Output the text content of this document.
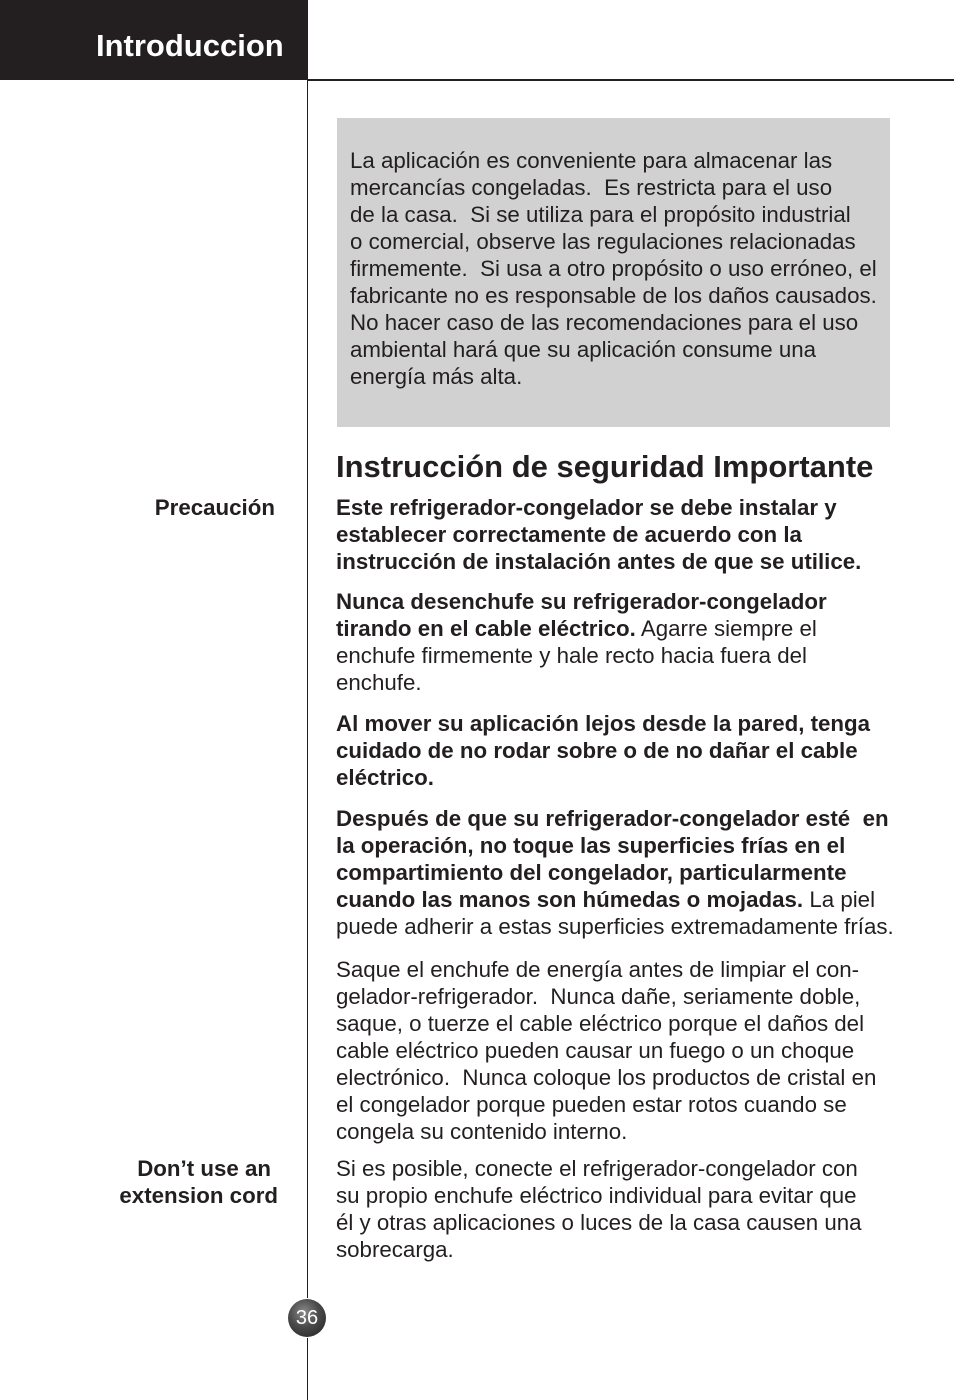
Introduccion
La aplicación es conveniente para almacenar las
mercancías congeladas.  Es restricta para el uso
de la casa.  Si se utiliza para el propósito industrial
o comercial, observe las regulaciones relacionadas
firmemente.  Si usa a otro propósito o uso erróneo, el
fabricante no es responsable de los daños causados.
No hacer caso de las recomendaciones para el uso
ambiental hará que su aplicación consume una
energía más alta.
Instrucción de seguridad Importante
Precaución	Este refrigerador-congelador se debe instalar y
establecer correctamente de acuerdo con la
instrucción de instalación antes de que se utilice.
Nunca desenchufe su refrigerador-congelador
tirando en el cable eléctrico. Agarre siempre el
enchufe firmemente y hale recto hacia fuera del
enchufe.
Al mover su aplicación lejos desde la pared, tenga
cuidado de no rodar sobre o de no dañar el cable
eléctrico.
Después de que su refrigerador-congelador esté  en
la operación, no toque las superficies frías en el
compartimiento del congelador, particularmente
cuando las manos son húmedas o mojadas. La piel
puede adherir a estas superficies extremadamente frías.
Saque el enchufe de energía antes de limpiar el con-
gelador-refrigerador.  Nunca dañe, seriamente doble,
saque, o tuerze el cable eléctrico porque el daños del
cable eléctrico pueden causar un fuego o un choque
electrónico.  Nunca coloque los productos de cristal en
el congelador porque pueden estar rotos cuando se
congela su contenido interno.
Don’t use an
extension cord
Si es posible, conecte el refrigerador-congelador con
su propio enchufe eléctrico individual para evitar que
él y otras aplicaciones o luces de la casa causen una
sobrecarga.
36
